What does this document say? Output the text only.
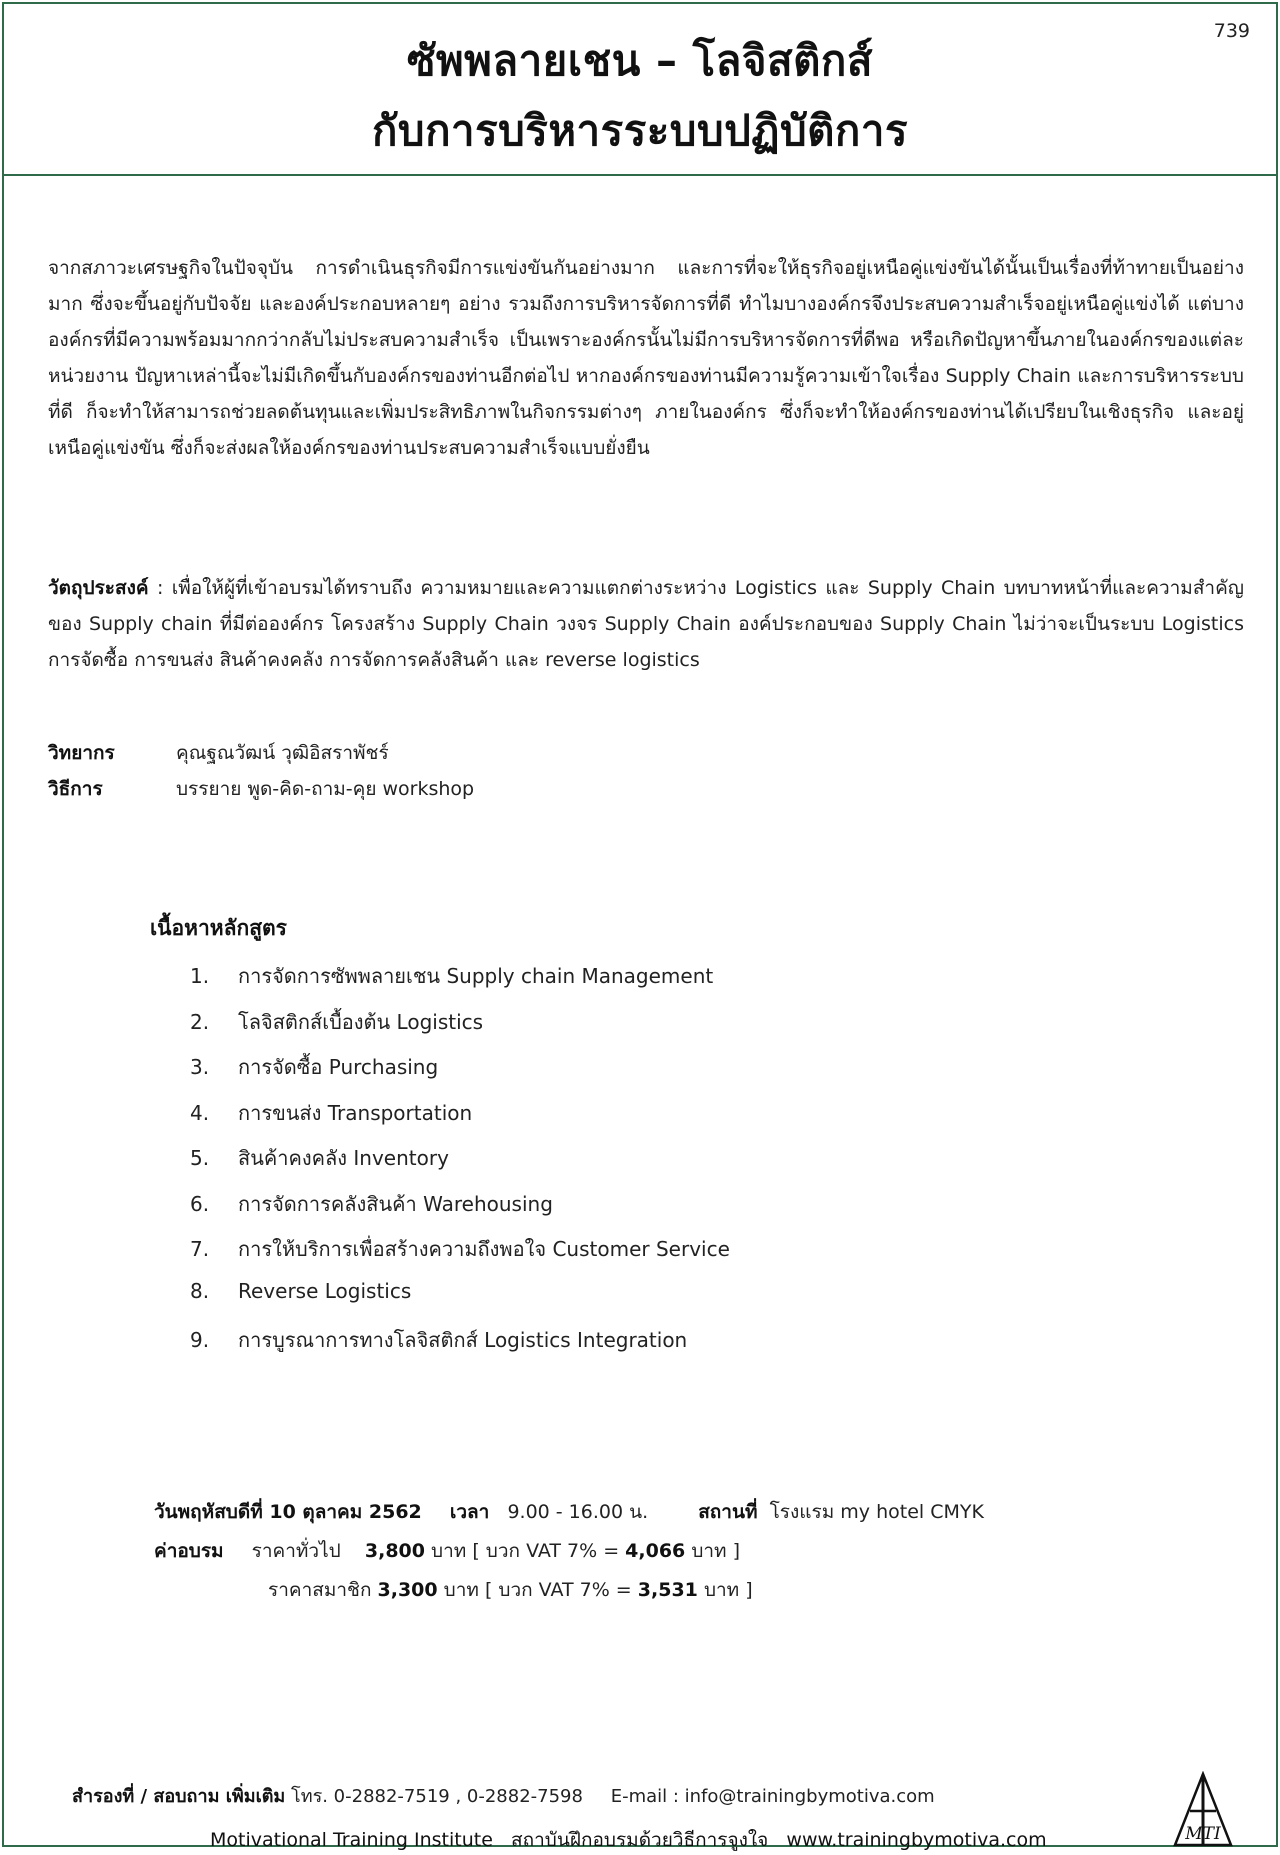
739
ซัพพลายเชน – โลจิสติกส์
กับการบริหารระบบปฏิบัติการ

จากสภาวะเศรษฐกิจในปัจจุบัน การดำเนินธุรกิจมีการแข่งขันกันอย่างมาก และการที่จะให้ธุรกิจอยู่เหนือคู่แข่งขันได้นั้นเป็นเรื่องที่ท้าทายเป็นอย่างมาก ซึ่งจะขึ้นอยู่กับปัจจัย และองค์ประกอบหลายๆ อย่าง รวมถึงการบริหารจัดการที่ดี ทำไมบางองค์กรจึงประสบความสำเร็จอยู่เหนือคู่แข่งได้ แต่บางองค์กรที่มีความพร้อมมากกว่ากลับไม่ประสบความสำเร็จ เป็นเพราะองค์กรนั้นไม่มีการบริหารจัดการที่ดีพอ หรือเกิดปัญหาขึ้นภายในองค์กรของแต่ละหน่วยงาน ปัญหาเหล่านี้จะไม่มีเกิดขึ้นกับองค์กรของท่านอีกต่อไป หากองค์กรของท่านมีความรู้ความเข้าใจเรื่อง Supply Chain และการบริหารระบบที่ดี ก็จะทำให้สามารถช่วยลดต้นทุนและเพิ่มประสิทธิภาพในกิจกรรมต่างๆ ภายในองค์กร ซึ่งก็จะทำให้องค์กรของท่านได้เปรียบในเชิงธุรกิจ และอยู่เหนือคู่แข่งขัน ซึ่งก็จะส่งผลให้องค์กรของท่านประสบความสำเร็จแบบยั่งยืน

วัตถุประสงค์ : เพื่อให้ผู้ที่เข้าอบรมได้ทราบถึง ความหมายและความแตกต่างระหว่าง Logistics และ Supply Chain บทบาทหน้าที่และความสำคัญ ของ Supply chain ที่มีต่อองค์กร โครงสร้าง Supply Chain วงจร Supply Chain องค์ประกอบของ Supply Chain ไม่ว่าจะเป็นระบบ Logistics การจัดซื้อ การขนส่ง สินค้าคงคลัง การจัดการคลังสินค้า และ reverse logistics

วิทยากร	คุณฐณวัฒน์ วุฒิอิสราพัชร์
วิธีการ	บรรยาย พูด-คิด-ถาม-คุย workshop
เนื้อหาหลักสูตร
1. การจัดการซัพพลายเชน Supply chain Management
2. โลจิสติกส์เบื้องต้น Logistics
3. การจัดซื้อ Purchasing
4. การขนส่ง Transportation
5. สินค้าคงคลัง Inventory
6. การจัดการคลังสินค้า Warehousing
7. การให้บริการเพื่อสร้างความถึงพอใจ Customer Service
8. Reverse Logistics
9. การบูรณาการทางโลจิสติกส์ Logistics Integration
วันพฤหัสบดีที่ 10 ตุลาคม 2562 เวลา 9.00 - 16.00 น.	สถานที่ โรงแรม my hotel CMYK
ค่าอบรม ราคาทั่วไป 3,800 บาท [ บวก VAT 7% = 4,066 บาท ]
ราคาสมาชิก 3,300 บาท [ บวก VAT 7% = 3,531 บาท ]
สำรองที่ / สอบถาม เพิ่มเติม โทร. 0-2882-7519 , 0-2882-7598 E-mail : info@trainingbymotiva.com
Motivational Training Institute สถาบันฝึกอบรมด้วยวิธีการจูงใจ www.trainingbymotiva.com	MTI
